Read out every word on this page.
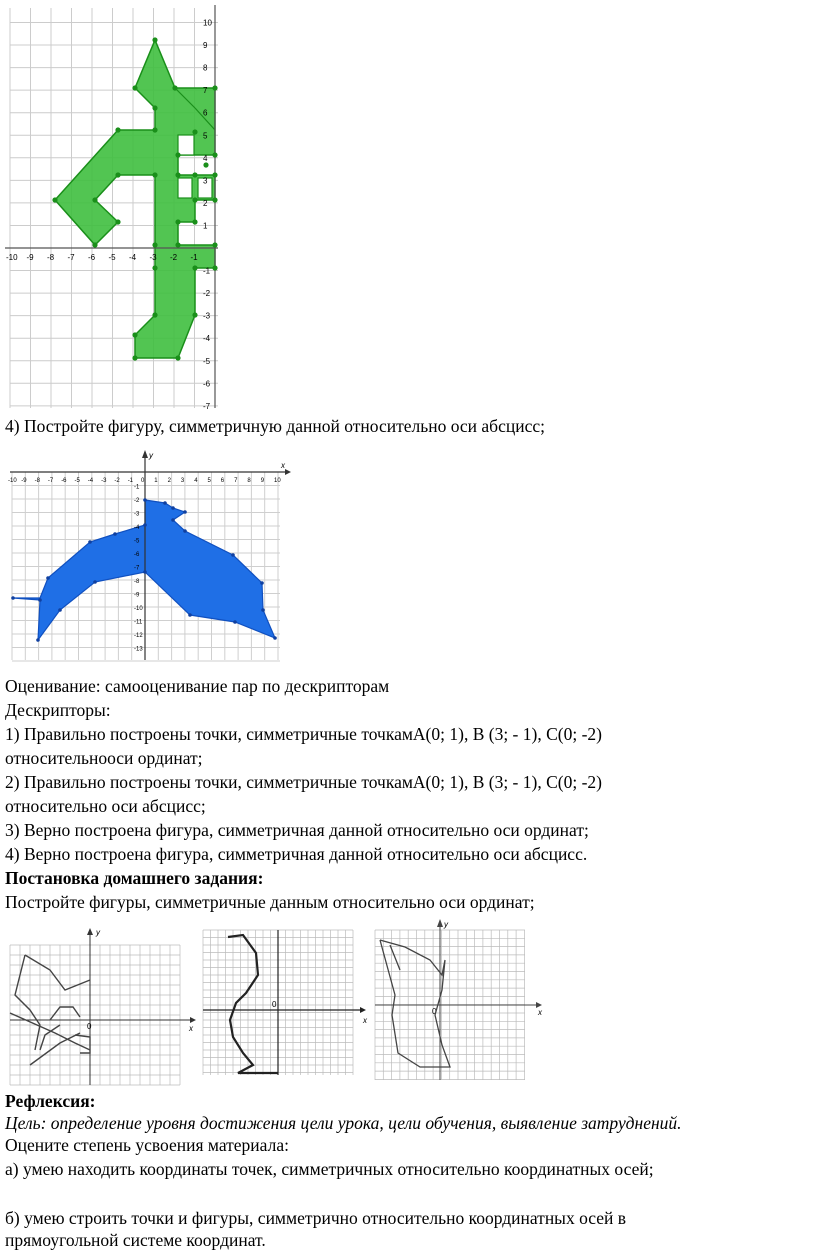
-10 -9 -8 -7 -6 -5 -4 -3 -2 -1
10
9
8
7
6
5
4
3
2
1
-1
-2
-3
-4
-5
-6
-7
4) Постройте фигуру, симметричную данной относительно оси абсцисс;
x
y
-10 -9 -8 -7 -6 -5 -4 -3 -2 -1 0 1 2 3 4 5 6 7 8 9 10
-1
-2
-3
-4
-5
-6
-7
-8
-9
-10
-11
-12
-13
Оценивание: самооценивание пар по дескрипторам
Дескрипторы:
1) Правильно построены точки, симметричные точкамА(0; 1), В (3; - 1), С(0; -2)
относительнооси ординат;
2) Правильно построены точки, симметричные точкамА(0; 1), В (3; - 1), С(0; -2)
относительно оси абсцисс;
3) Верно построена фигура, симметричная данной относительно оси ординат;
4) Верно построена фигура, симметричная данной относительно оси абсцисс.
Постановка домашнего задания:
Постройте фигуры, симметричные данным относительно оси ординат;
y
x
0
x
0
y
x
0
Рефлексия:
Цель: определение уровня достижения цели урока, цели обучения, выявление затруднений.
Оцените степень усвоения материала:
а) умею находить координаты точек, симметричных относительно координатных осей;
б) умею строить точки и фигуры, симметрично относительно координатных осей в
прямоугольной системе координат.
